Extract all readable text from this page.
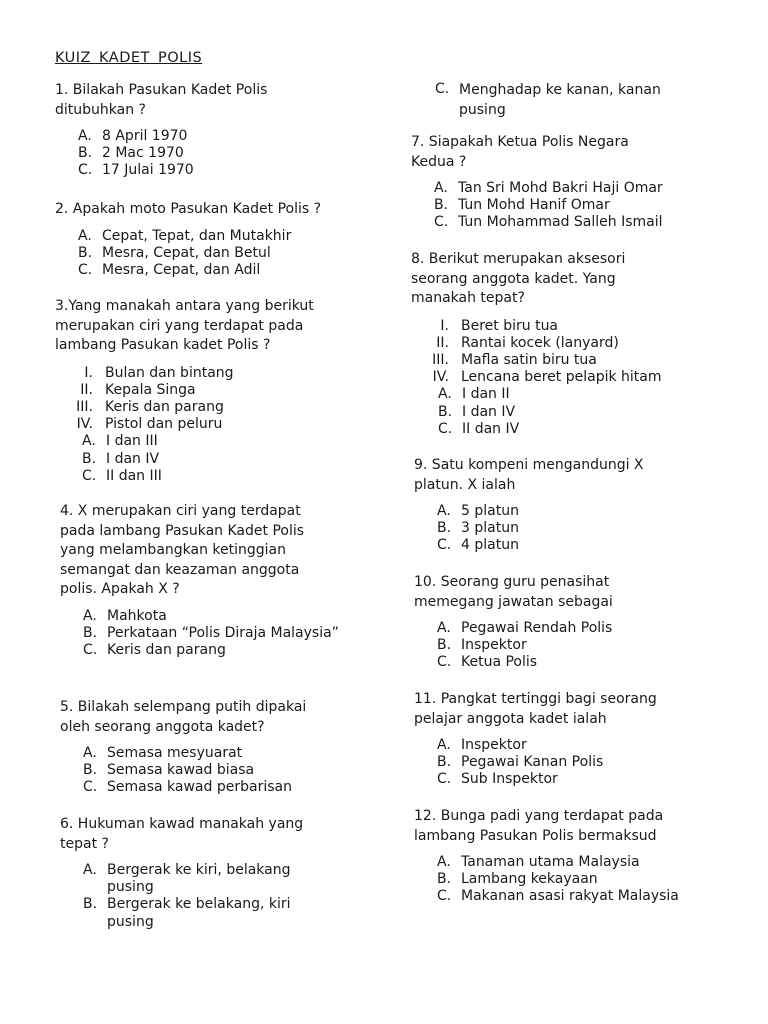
KUIZ KADET POLIS
1. Bilakah Pasukan Kadet Polis
ditubuhkan ?
A. 8 April 1970
B. 2 Mac 1970
C. 17 Julai 1970
2. Apakah moto Pasukan Kadet Polis ?
A. Cepat, Tepat, dan Mutakhir
B. Mesra, Cepat, dan Betul
C. Mesra, Cepat, dan Adil
3.Yang manakah antara yang berikut
merupakan ciri yang terdapat pada
lambang Pasukan kadet Polis ?
I. Bulan dan bintang
II. Kepala Singa
III. Keris dan parang
IV. Pistol dan peluru
A. I dan III
B. I dan IV
C. II dan III
4. X merupakan ciri yang terdapat
pada lambang Pasukan Kadet Polis
yang melambangkan ketinggian
semangat dan keazaman anggota
polis. Apakah X ?
A. Mahkota
B. Perkataan “Polis Diraja Malaysia”
C. Keris dan parang
5. Bilakah selempang putih dipakai
oleh seorang anggota kadet?
A. Semasa mesyuarat
B. Semasa kawad biasa
C. Semasa kawad perbarisan
6. Hukuman kawad manakah yang
tepat ?
A. Bergerak ke kiri, belakang pusing
B. Bergerak ke belakang, kiri pusing
C. Menghadap ke kanan, kanan pusing
7. Siapakah Ketua Polis Negara
Kedua ?
A. Tan Sri Mohd Bakri Haji Omar
B. Tun Mohd Hanif Omar
C. Tun Mohammad Salleh Ismail
8. Berikut merupakan aksesori
seorang anggota kadet. Yang
manakah tepat?
I. Beret biru tua
II. Rantai kocek (lanyard)
III. Mafla satin biru tua
IV. Lencana beret pelapik hitam
A. I dan II
B. I dan IV
C. II dan IV
9. Satu kompeni mengandungi X
platun. X ialah
A. 5 platun
B. 3 platun
C. 4 platun
10. Seorang guru penasihat
memegang jawatan sebagai
A. Pegawai Rendah Polis
B. Inspektor
C. Ketua Polis
11. Pangkat tertinggi bagi seorang
pelajar anggota kadet ialah
A. Inspektor
B. Pegawai Kanan Polis
C. Sub Inspektor
12. Bunga padi yang terdapat pada
lambang Pasukan Polis bermaksud
A. Tanaman utama Malaysia
B. Lambang kekayaan
C. Makanan asasi rakyat Malaysia
